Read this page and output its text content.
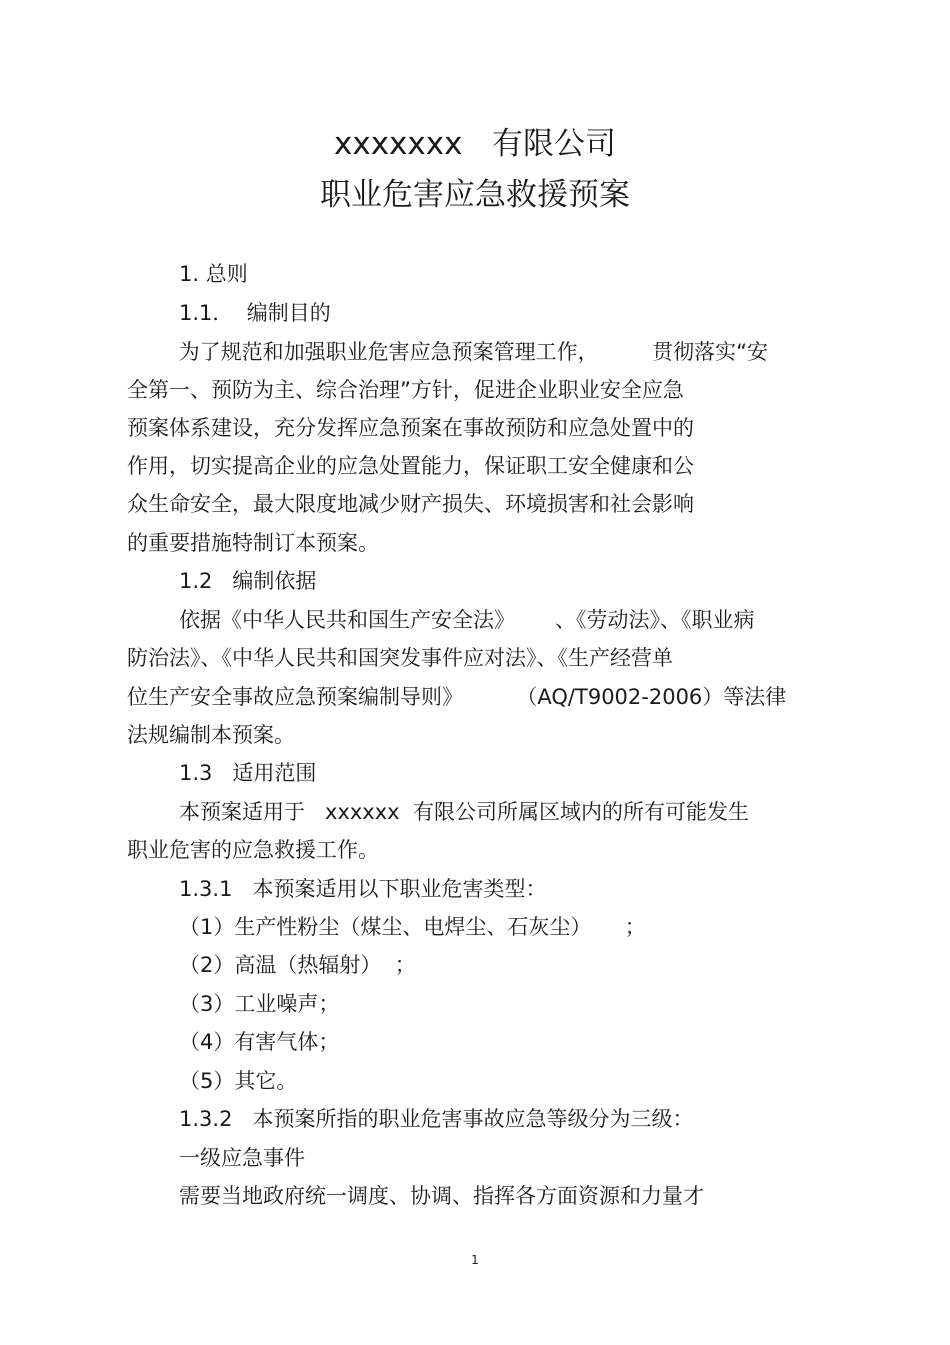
xxxxxxx   有限公司
职业危害应急救援预案
1. 总则
1.1．  编制目的
为了规范和加强职业危害应急预案管理工作，        贯彻落实“安
全第一、预防为主、综合治理”方针，促进企业职业安全应急
预案体系建设，充分发挥应急预案在事故预防和应急处置中的
作用，切实提高企业的应急处置能力，保证职工安全健康和公
众生命安全，最大限度地减少财产损失、环境损害和社会影响
的重要措施特制订本预案。
1.2   编制依据
依据《中华人民共和国生产安全法》      、《劳动法》、《职业病
防治法》、《中华人民共和国突发事件应对法》、《生产经营单
位生产安全事故应急预案编制导则》        （AQ/T9002-2006）等法律
法规编制本预案。
1.3   适用范围
本预案适用于   xxxxxx  有限公司所属区域内的所有可能发生
职业危害的应急救援工作。
1.3.1   本预案适用以下职业危害类型：
（1）生产性粉尘（煤尘、电焊尘、石灰尘）     ；
（2）高温（热辐射）  ；
（3）工业噪声；
（4）有害气体；
（5）其它。
1.3.2   本预案所指的职业危害事故应急等级分为三级：
一级应急事件
需要当地政府统一调度、协调、指挥各方面资源和力量才
1
